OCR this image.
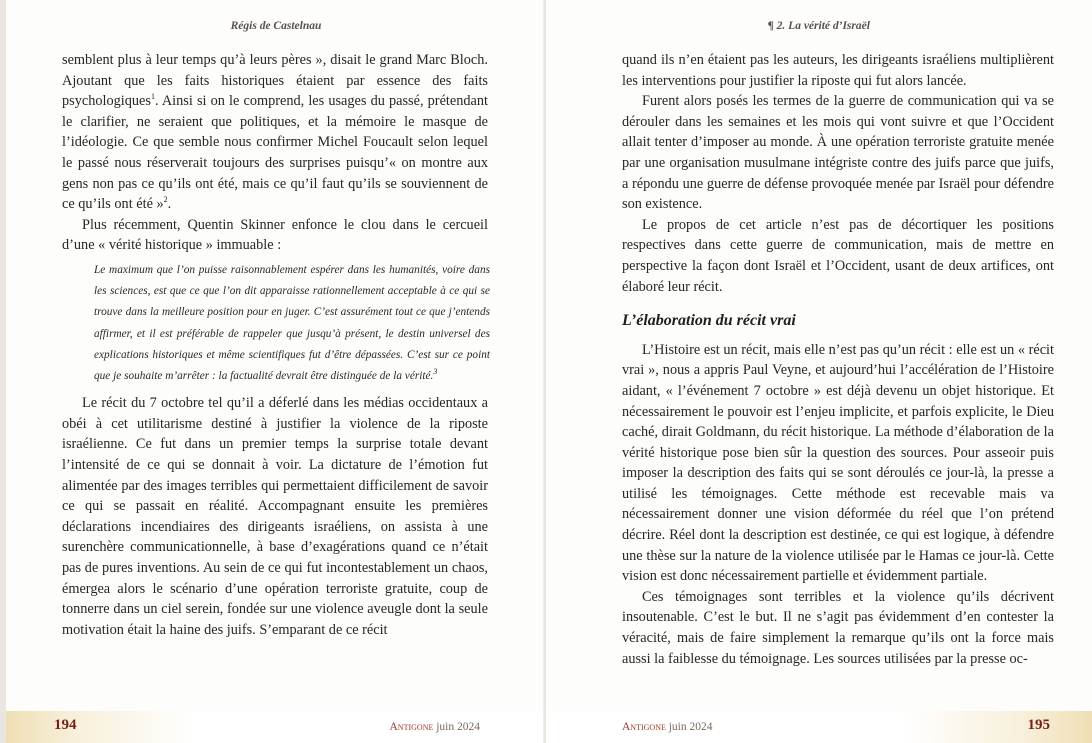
Régis de Castelnau

semblent plus à leur temps qu’à leurs pères », disait le grand Marc Bloch. Ajoutant que les faits historiques étaient par essence des faits psychologiques$^1$. Ainsi si on le comprend, les usages du passé, prétendant le clarifier, ne seraient que politiques, et la mémoire le masque de l’idéologie. Ce que semble nous confirmer Michel Foucault selon lequel le passé nous réserverait toujours des surprises puisqu’« on montre aux gens non pas ce qu’ils ont été, mais ce qu’il faut qu’ils se souviennent de ce qu’ils ont été »$^2$.

Plus récemment, Quentin Skinner enfonce le clou dans le cercueil d’une « vérité historique » immuable :

Le maximum que l’on puisse raisonnablement espérer dans les humanités, voire dans les sciences, est que ce que l’on dit apparaisse rationnellement acceptable à ce qui se trouve dans la meilleure position pour en juger. C’est assurément tout ce que j’entends affirmer, et il est préférable de rappeler que jusqu’à présent, le destin universel des explications historiques et même scientifiques fut d’être dépassées. C’est sur ce point que je souhaite m’arrêter : la factualité devrait être distinguée de la vérité.$^3$

Le récit du 7 octobre tel qu’il a déferlé dans les médias occidentaux a obéi à cet utilitarisme destiné à justifier la violence de la riposte israélienne. Ce fut dans un premier temps la surprise totale devant l’intensité de ce qui se donnait à voir. La dictature de l’émotion fut alimentée par des images terribles qui permettaient difficilement de savoir ce qui se passait en réalité. Accompagnant ensuite les premières déclarations incendiaires des dirigeants israéliens, on assista à une surenchère communicationnelle, à base d’exagérations quand ce n’était pas de pures inventions. Au sein de ce qui fut incontestablement un chaos, émergea alors le scénario d’une opération terroriste gratuite, coup de tonnerre dans un ciel serein, fondée sur une violence aveugle dont la seule motivation était la haine des juifs. S’emparant de ce récit

194	Antigone juin 2024
¶ 2. La vérité d’Israël

quand ils n’en étaient pas les auteurs, les dirigeants israéliens multiplièrent les interventions pour justifier la riposte qui fut alors lancée.

Furent alors posés les termes de la guerre de communication qui va se dérouler dans les semaines et les mois qui vont suivre et que l’Occident allait tenter d’imposer au monde. À une opération terroriste gratuite menée par une organisation musulmane intégriste contre des juifs parce que juifs, a répondu une guerre de défense provoquée menée par Israël pour défendre son existence.

Le propos de cet article n’est pas de décortiquer les positions respectives dans cette guerre de communication, mais de mettre en perspective la façon dont Israël et l’Occident, usant de deux artifices, ont élaboré leur récit.

L’élaboration du récit vrai

L’Histoire est un récit, mais elle n’est pas qu’un récit : elle est un « récit vrai », nous a appris Paul Veyne, et aujourd’hui l’accélération de l’Histoire aidant, « l’événement 7 octobre » est déjà devenu un objet historique. Et nécessairement le pouvoir est l’enjeu implicite, et parfois explicite, le Dieu caché, dirait Goldmann, du récit historique. La méthode d’élaboration de la vérité historique pose bien sûr la question des sources. Pour asseoir puis imposer la description des faits qui se sont déroulés ce jour-là, la presse a utilisé les témoignages. Cette méthode est recevable mais va nécessairement donner une vision déformée du réel que l’on prétend décrire. Réel dont la description est destinée, ce qui est logique, à défendre une thèse sur la nature de la violence utilisée par le Hamas ce jour-là. Cette vision est donc nécessairement partielle et évidemment partiale.

Ces témoignages sont terribles et la violence qu’ils décrivent insoutenable. C’est le but. Il ne s’agit pas évidemment d’en contester la véracité, mais de faire simplement la remarque qu’ils ont la force mais aussi la faiblesse du témoignage. Les sources utilisées par la presse oc-

Antigone juin 2024	195
